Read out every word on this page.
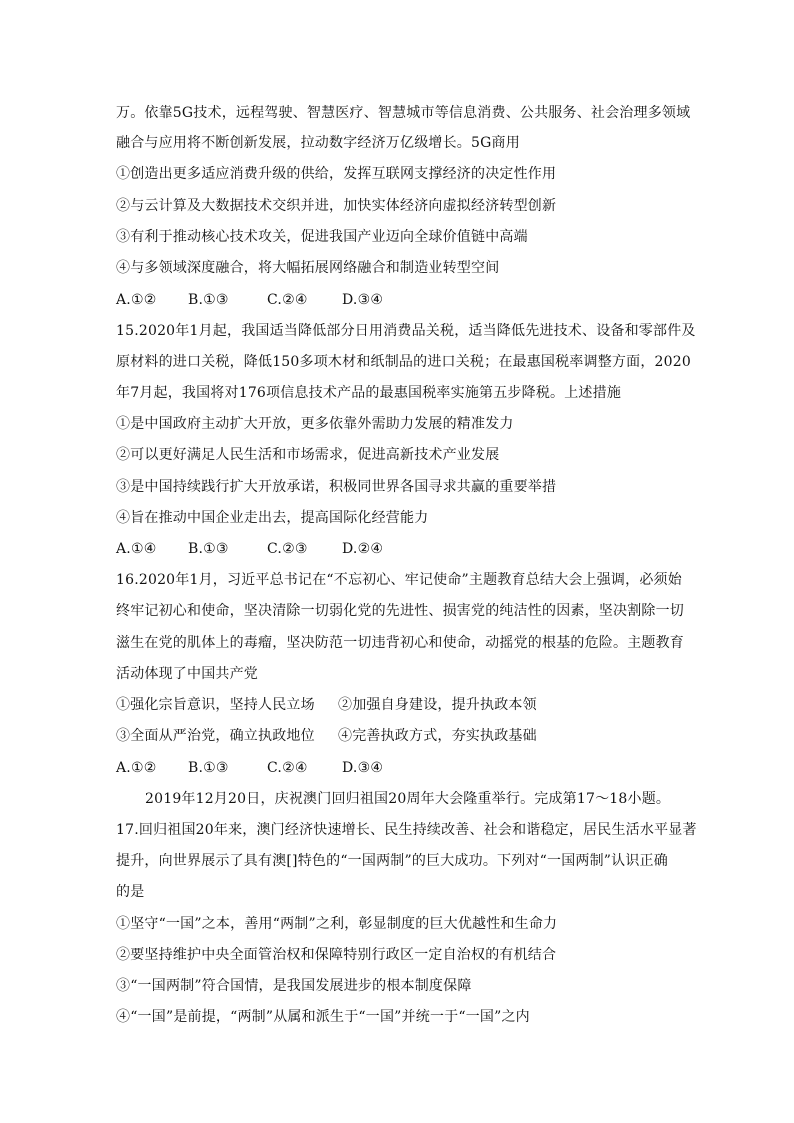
万。依靠5G技术，远程驾驶、智慧医疗、智慧城市等信息消费、公共服务、社会治理多领域
融合与应用将不断创新发展，拉动数字经济万亿级增长。5G商用
①创造出更多适应消费升级的供给，发挥互联网支撑经济的决定性作用
②与云计算及大数据技术交织并进，加快实体经济向虚拟经济转型创新
③有利于推动核心技术攻关，促进我国产业迈向全球价值链中高端
④与多领域深度融合，将大幅拓展网络融合和制造业转型空间
A.①② B.①③	C.②④ D.③④
15.2020年1月起，我国适当降低部分日用消费品关税，适当降低先进技术、设备和零部件及
原材料的进口关税，降低150多项木材和纸制品的进口关税；在最惠国税率调整方面，2020
年7月起，我国将对176项信息技术产品的最惠国税率实施第五步降税。上述措施
①是中国政府主动扩大开放，更多依靠外需助力发展的精准发力
②可以更好满足人民生活和市场需求，促进高新技术产业发展
③是中国持续践行扩大开放承诺，积极同世界各国寻求共赢的重要举措
④旨在推动中国企业走出去，提高国际化经营能力
A.①④ B.①③	C.②③ D.②④
16.2020年1月，习近平总书记在“不忘初心、牢记使命”主题教育总结大会上强调，必须始
终牢记初心和使命，坚决清除一切弱化党的先进性、损害党的纯洁性的因素，坚决割除一切
滋生在党的肌体上的毒瘤，坚决防范一切违背初心和使命，动摇党的根基的危险。主题教育
活动体现了中国共产党
①强化宗旨意识，坚持人民立场 ②加强自身建设，提升执政本领
③全面从严治党，确立执政地位 ④完善执政方式，夯实执政基础
A.①② B.①③	C.②④ D.③④
2019年12月20日，庆祝澳门回归祖国20周年大会隆重举行。完成第17～18小题。
17.回归祖国20年来，澳门经济快速增长、民生持续改善、社会和谐稳定，居民生活水平显著
提升，向世界展示了具有澳[]特色的“一国两制”的巨大成功。下列对“一国两制”认识正确
的是
①坚守“一国”之本，善用“两制”之利，彰显制度的巨大优越性和生命力
②要坚持维护中央全面管治权和保障特别行政区一定自治权的有机结合
③“一国两制”符合国情，是我国发展进步的根本制度保障
④“一国”是前提，“两制”从属和派生于“一国”并统一于“一国”之内
